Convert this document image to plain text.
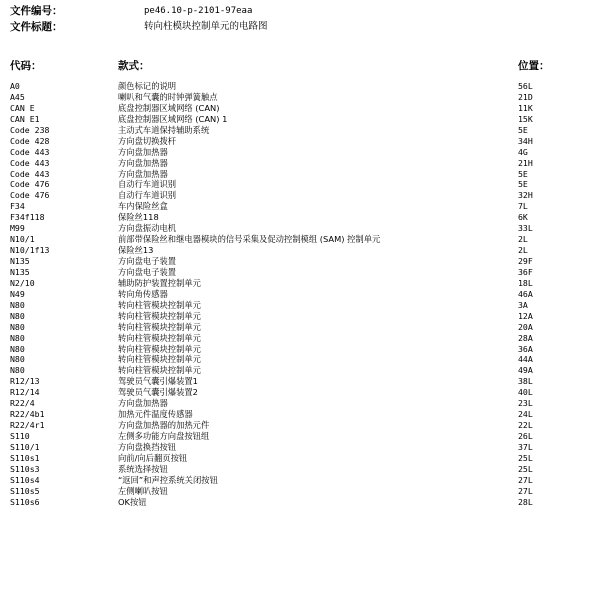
文件编号：	pe46.10-p-2101-97eaa
文件标题：	转向柱模块控制单元的电路图
代码：	款式：	位置：
A0	颜色标记的说明	56L
A45	喇叭和气囊的时钟弹簧触点	21D
CAN E	底盘控制器区域网络 (CAN)	11K
CAN E1	底盘控制器区域网络 (CAN) 1	15K
Code 238	主动式车道保持辅助系统	5E
Code 428	方向盘切换拨杆	34H
Code 443	方向盘加热器	4G
Code 443	方向盘加热器	21H
Code 443	方向盘加热器	5E
Code 476	自动行车道识别	5E
Code 476	自动行车道识别	32H
F34	车内保险丝盒	7L
F34f118	保险丝118	6K
M99	方向盘振动电机	33L
N10/1	前部带保险丝和继电器模块的信号采集及促动控制模组 (SAM) 控制单元	2L
N10/1f13	保险丝13	2L
N135	方向盘电子装置	29F
N135	方向盘电子装置	36F
N2/10	辅助防护装置控制单元	18L
N49	转向角传感器	46A
N80	转向柱管模块控制单元	3A
N80	转向柱管模块控制单元	12A
N80	转向柱管模块控制单元	20A
N80	转向柱管模块控制单元	28A
N80	转向柱管模块控制单元	36A
N80	转向柱管模块控制单元	44A
N80	转向柱管模块控制单元	49A
R12/13	驾驶员气囊引爆装置1	38L
R12/14	驾驶员气囊引爆装置2	40L
R22/4	方向盘加热器	23L
R22/4b1	加热元件温度传感器	24L
R22/4r1	方向盘加热器的加热元件	22L
S110	左侧多功能方向盘按钮组	26L
S110/1	方向盘换挡按钮	37L
S110s1	向前/向后翻页按钮	25L
S110s3	系统选择按钮	25L
S110s4	“返回”和声控系统关闭按钮	27L
S110s5	左侧喇叭按钮	27L
S110s6	OK按钮	28L
